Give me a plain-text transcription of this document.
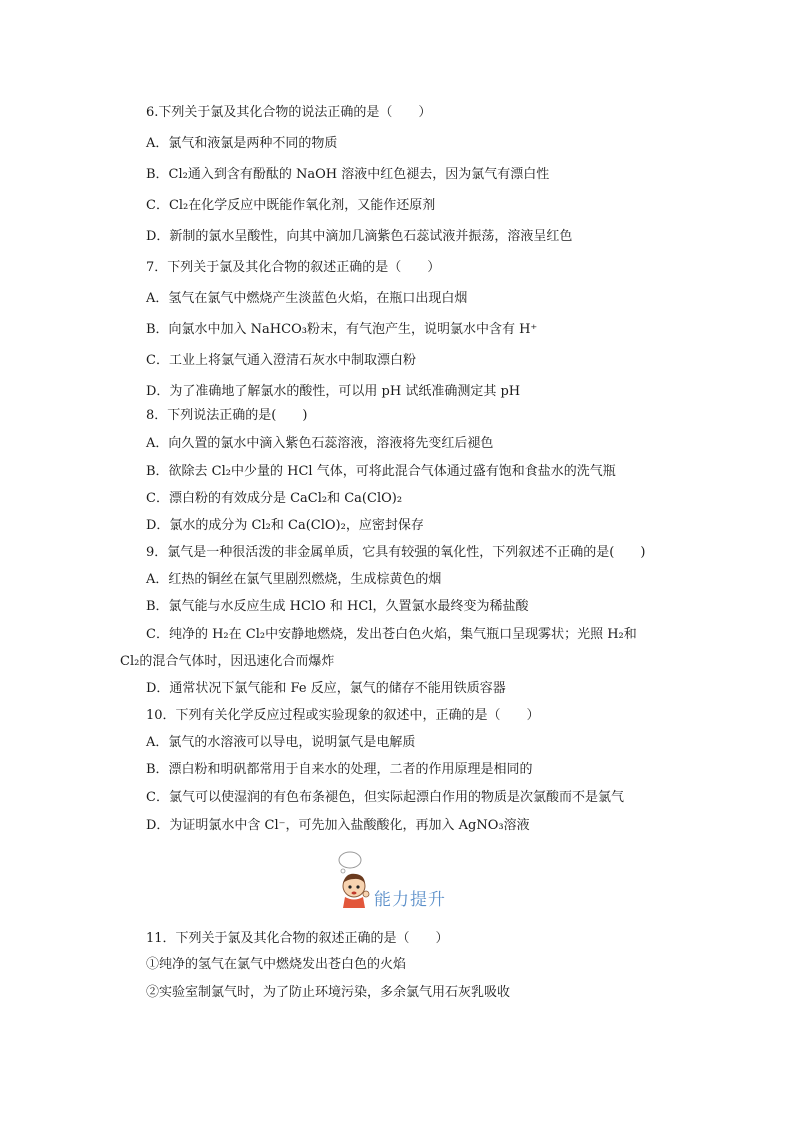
6.下列关于氯及其化合物的说法正确的是（　　）
A．氯气和液氯是两种不同的物质
B．Cl₂通入到含有酚酞的 NaOH 溶液中红色褪去，因为氯气有漂白性
C．Cl₂在化学反应中既能作氧化剂，又能作还原剂
D．新制的氯水呈酸性，向其中滴加几滴紫色石蕊试液并振荡，溶液呈红色
7．下列关于氯及其化合物的叙述正确的是（　　）
A．氢气在氯气中燃烧产生淡蓝色火焰，在瓶口出现白烟
B．向氯水中加入 NaHCO₃粉末，有气泡产生，说明氯水中含有 H⁺
C．工业上将氯气通入澄清石灰水中制取漂白粉
D．为了准确地了解氯水的酸性，可以用 pH 试纸准确测定其 pH
8．下列说法正确的是(　　)
A．向久置的氯水中滴入紫色石蕊溶液，溶液将先变红后褪色
B．欲除去 Cl₂中少量的 HCl 气体，可将此混合气体通过盛有饱和食盐水的洗气瓶
C．漂白粉的有效成分是 CaCl₂和 Ca(ClO)₂
D．氯水的成分为 Cl₂和 Ca(ClO)₂，应密封保存
9．氯气是一种很活泼的非金属单质，它具有较强的氧化性，下列叙述不正确的是(　　)
A．红热的铜丝在氯气里剧烈燃烧，生成棕黄色的烟
B．氯气能与水反应生成 HClO 和 HCl，久置氯水最终变为稀盐酸
C．纯净的 H₂在 Cl₂中安静地燃烧，发出苍白色火焰，集气瓶口呈现雾状；光照 H₂和
Cl₂的混合气体时，因迅速化合而爆炸
D．通常状况下氯气能和 Fe 反应，氯气的储存不能用铁质容器
10．下列有关化学反应过程或实验现象的叙述中，正确的是（　　）
A．氯气的水溶液可以导电，说明氯气是电解质
B．漂白粉和明矾都常用于自来水的处理，二者的作用原理是相同的
C．氯气可以使湿润的有色布条褪色，但实际起漂白作用的物质是次氯酸而不是氯气
D．为证明氯水中含 Cl⁻，可先加入盐酸酸化，再加入 AgNO₃溶液
11．下列关于氯及其化合物的叙述正确的是（　　）
①纯净的氢气在氯气中燃烧发出苍白色的火焰
②实验室制氯气时，为了防止环境污染，多余氯气用石灰乳吸收
能力提升
